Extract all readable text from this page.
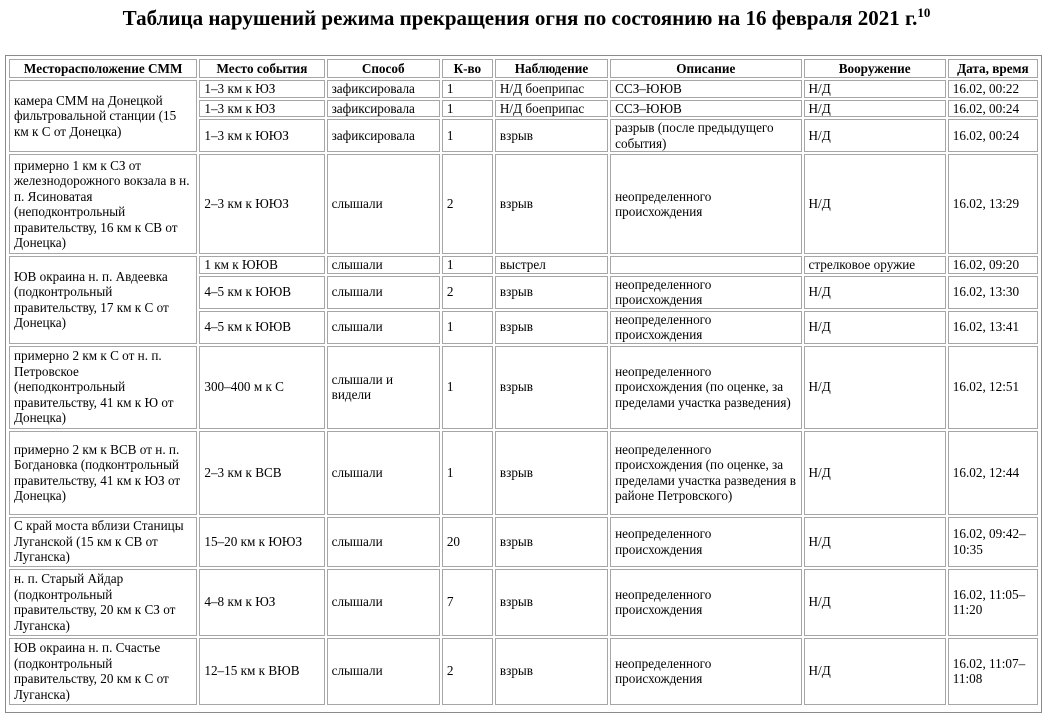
Таблица нарушений режима прекращения огня по состоянию на 16 февраля 2021 г.$^{10}$
Месторасположение СММ	Место события	Способ	К-во	Наблюдение	Описание	Вооружение	Дата, время
камера СММ на Донецкой фильтровальной станции (15 км к С от Донецка)	1–3 км к ЮЗ	зафиксировала	1	Н/Д боеприпас	ССЗ–ЮЮВ	Н/Д	16.02, 00:22
	1–3 км к ЮЗ	зафиксировала	1	Н/Д боеприпас	ССЗ–ЮЮВ	Н/Д	16.02, 00:24
	1–3 км к ЮЮЗ	зафиксировала	1	взрыв	разрыв (после предыдущего события)	Н/Д	16.02, 00:24
примерно 1 км к СЗ от железнодорожного вокзала в н. п. Ясиноватая (неподконтрольный правительству, 16 км к СВ от Донецка)	2–3 км к ЮЮЗ	слышали	2	взрыв	неопределенного происхождения	Н/Д	16.02, 13:29
ЮВ окраина н. п. Авдеевка (подконтрольный правительству, 17 км к С от Донецка)	1 км к ЮЮВ	слышали	1	выстрел		стрелковое оружие	16.02, 09:20
	4–5 км к ЮЮВ	слышали	2	взрыв	неопределенного происхождения	Н/Д	16.02, 13:30
	4–5 км к ЮЮВ	слышали	1	взрыв	неопределенного происхождения	Н/Д	16.02, 13:41
примерно 2 км к С от н. п. Петровское (неподконтрольный правительству, 41 км к Ю от Донецка)	300–400 м к С	слышали и видели	1	взрыв	неопределенного происхождения (по оценке, за пределами участка разведения)	Н/Д	16.02, 12:51
примерно 2 км к ВСВ от н. п. Богдановка (подконтрольный правительству, 41 км к ЮЗ от Донецка)	2–3 км к ВСВ	слышали	1	взрыв	неопределенного происхождения (по оценке, за пределами участка разведения в районе Петровского)	Н/Д	16.02, 12:44
С край моста вблизи Станицы Луганской (15 км к СВ от Луганска)	15–20 км к ЮЮЗ	слышали	20	взрыв	неопределенного происхождения	Н/Д	16.02, 09:42–10:35
н. п. Старый Айдар (подконтрольный правительству, 20 км к СЗ от Луганска)	4–8 км к ЮЗ	слышали	7	взрыв	неопределенного происхождения	Н/Д	16.02, 11:05–11:20
ЮВ окраина н. п. Счастье (подконтрольный правительству, 20 км к С от Луганска)	12–15 км к ВЮВ	слышали	2	взрыв	неопределенного происхождения	Н/Д	16.02, 11:07–11:08
